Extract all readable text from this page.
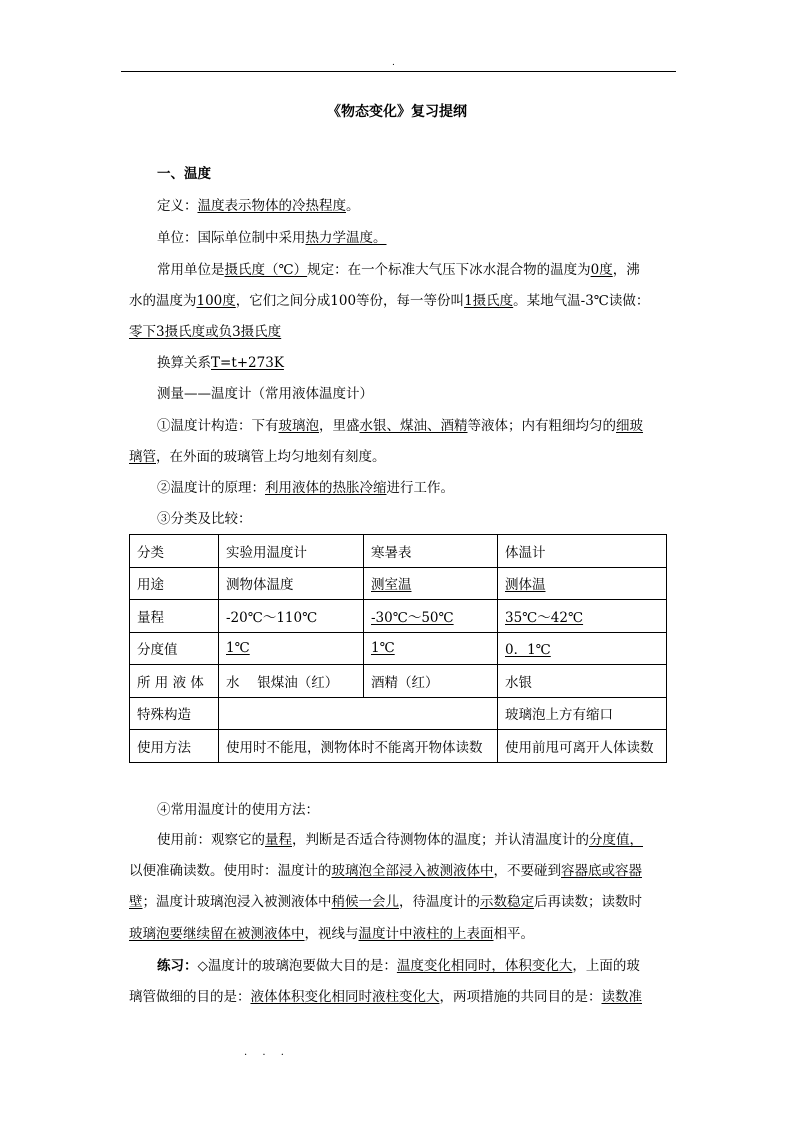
.
《物态变化》复习提纲
一、温度
定义：温度表示物体的冷热程度。
单位：国际单位制中采用热力学温度。
常用单位是摄氏度（℃）规定：在一个标准大气压下冰水混合物的温度为0度，沸
水的温度为100度，它们之间分成100等份，每一等份叫1摄氏度。某地气温-3℃读做：
零下3摄氏度或负3摄氏度
换算关系T=t+273K
测量——温度计（常用液体温度计）
①温度计构造：下有玻璃泡，里盛水银、煤油、酒精等液体；内有粗细均匀的细玻
璃管，在外面的玻璃管上均匀地刻有刻度。
②温度计的原理：利用液体的热胀冷缩进行工作。
③分类及比较：
分类	实验用温度计	寒暑表	体温计
用途	测物体温度	测室温	测体温
量程	-20℃～110℃	-30℃～50℃	35℃～42℃
分度值	1℃	1℃	0．1℃
所 用 液 体	水　 银煤油（红）	酒精（红）	水银
特殊构造			玻璃泡上方有缩口
使用方法	使用时不能甩，测物体时不能离开物体读数		使用前甩可离开人体读数
④常用温度计的使用方法：
使用前：观察它的量程，判断是否适合待测物体的温度；并认清温度计的分度值，
以便准确读数。使用时：温度计的玻璃泡全部浸入被测液体中，不要碰到容器底或容器
壁；温度计玻璃泡浸入被测液体中稍候一会儿，待温度计的示数稳定后再读数；读数时
玻璃泡要继续留在被测液体中，视线与温度计中液柱的上表面相平。
练习：◇温度计的玻璃泡要做大目的是：温度变化相同时，体积变化大，上面的玻
璃管做细的目的是：液体体积变化相同时液柱变化大，两项措施的共同目的是：读数准
. . .
